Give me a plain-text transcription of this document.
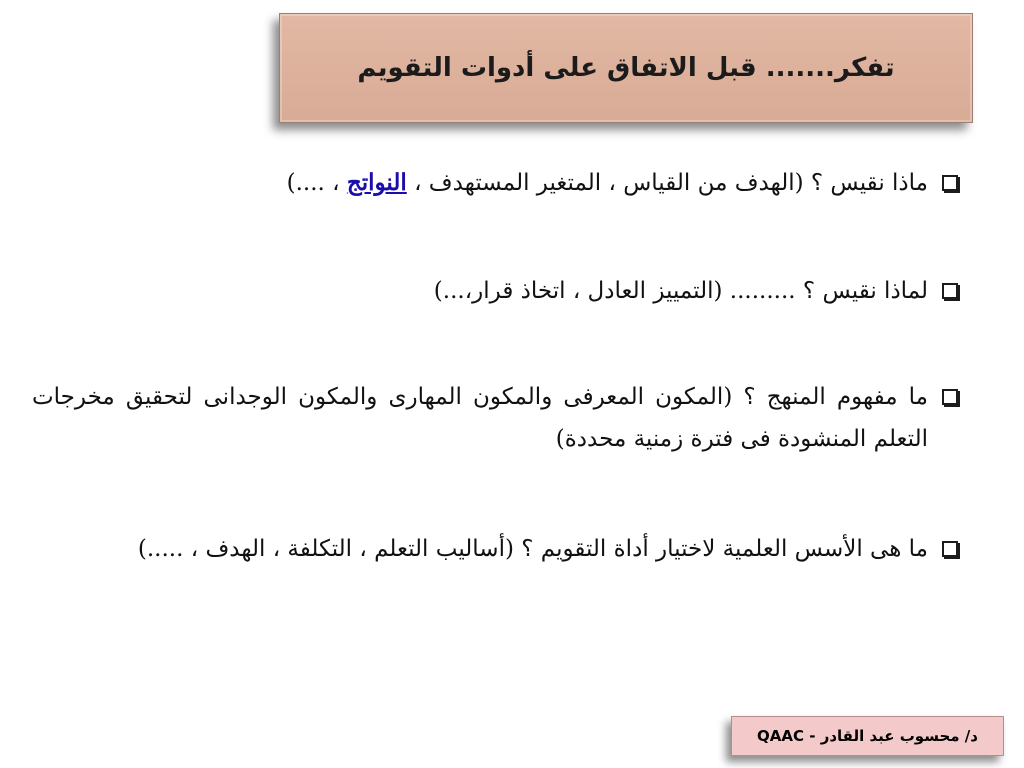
تفكر....... قبل الاتفاق على أدوات التقويم
ماذا نقيس ؟ (الهدف من القياس ، المتغير المستهدف ، النواتج ، ....)
لماذا نقيس ؟ ......... (التمييز العادل ، اتخاذ قرار،...)
ما مفهوم المنهج ؟ (المكون المعرفى والمكون المهارى والمكون الوجدانى لتحقيق مخرجات التعلم المنشودة فى فترة زمنية محددة)
ما هى الأسس العلمية لاختيار أداة التقويم ؟ (أساليب التعلم ، التكلفة ، الهدف ، .....)
د/ محسوب عبد القادر - QAAC
